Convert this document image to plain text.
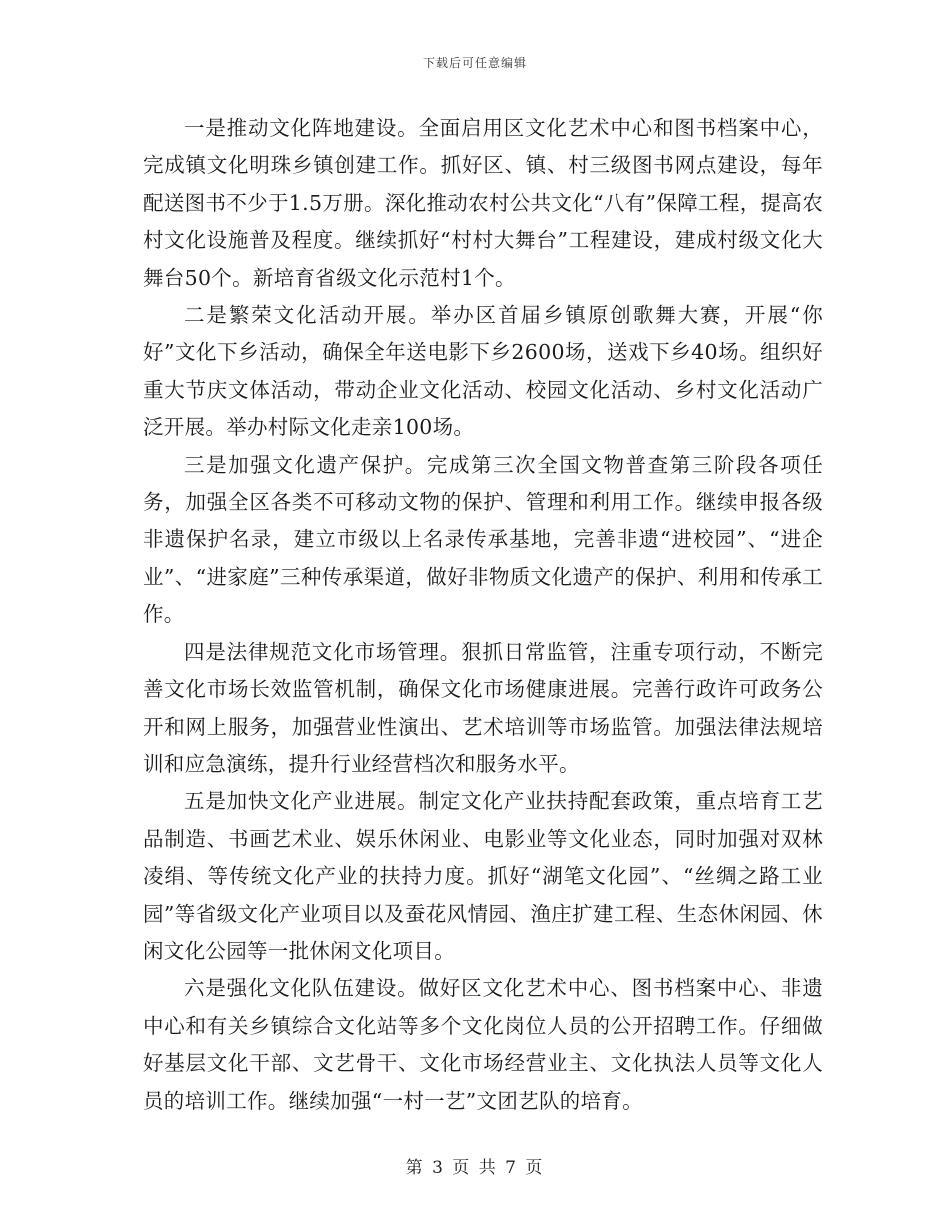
下载后可任意编辑

一是推动文化阵地建设。全面启用区文化艺术中心和图书档案中心，完成镇文化明珠乡镇创建工作。抓好区、镇、村三级图书网点建设，每年配送图书不少于1.5万册。深化推动农村公共文化“八有”保障工程，提高农村文化设施普及程度。继续抓好“村村大舞台”工程建设，建成村级文化大舞台50个。新培育省级文化示范村1个。

二是繁荣文化活动开展。举办区首届乡镇原创歌舞大赛，开展“你好”文化下乡活动，确保全年送电影下乡2600场，送戏下乡40场。组织好重大节庆文体活动，带动企业文化活动、校园文化活动、乡村文化活动广泛开展。举办村际文化走亲100场。

三是加强文化遗产保护。完成第三次全国文物普查第三阶段各项任务，加强全区各类不可移动文物的保护、管理和利用工作。继续申报各级非遗保护名录，建立市级以上名录传承基地，完善非遗“进校园”、“进企业”、“进家庭”三种传承渠道，做好非物质文化遗产的保护、利用和传承工作。

四是法律规范文化市场管理。狠抓日常监管，注重专项行动，不断完善文化市场长效监管机制，确保文化市场健康进展。完善行政许可政务公开和网上服务，加强营业性演出、艺术培训等市场监管。加强法律法规培训和应急演练，提升行业经营档次和服务水平。

五是加快文化产业进展。制定文化产业扶持配套政策，重点培育工艺品制造、书画艺术业、娱乐休闲业、电影业等文化业态，同时加强对双林凌绢、等传统文化产业的扶持力度。抓好“湖笔文化园”、“丝绸之路工业园”等省级文化产业项目以及蚕花风情园、渔庄扩建工程、生态休闲园、休闲文化公园等一批休闲文化项目。

六是强化文化队伍建设。做好区文化艺术中心、图书档案中心、非遗中心和有关乡镇综合文化站等多个文化岗位人员的公开招聘工作。仔细做好基层文化干部、文艺骨干、文化市场经营业主、文化执法人员等文化人员的培训工作。继续加强“一村一艺”文团艺队的培育。

第 3 页 共 7 页
